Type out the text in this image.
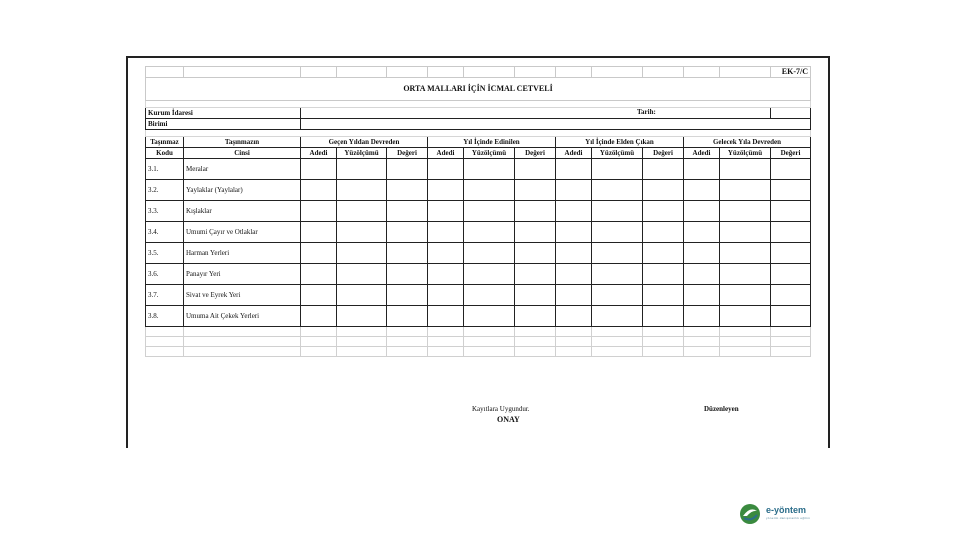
													EK-7/C
ORTA MALLARI İÇİN İCMAL CETVELİ													

Kurum İdaresi		Tarih:											

Birimi													

Taşınmaz	Taşınmazın	Geçen Yıldan Devreden			Yıl İçinde Edinilen			Yıl İçinde Elden Çıkan			Gelecek Yıla Devreden		
Kodu	Cinsi	Adedi	Yüzölçümü	Değeri	Adedi	Yüzölçümü	Değeri	Adedi	Yüzölçümü	Değeri	Adedi	Yüzölçümü	Değeri
3.1.	Meralar												
3.2.	Yaylaklar (Yaylalar)												
3.3.	Kışlaklar												
3.4.	Umumi Çayır ve Otlaklar												
3.5.	Harman Yerleri												
3.6.	Panayır Yeri												
3.7.	Sivat ve Eyrek Yeri												
3.8.	Umuma Ait Çekek Yerleri												

Kayıtlara Uygundur.
ONAY
Düzenleyen
e-yöntem
yönetim danışmanlık eğitim
